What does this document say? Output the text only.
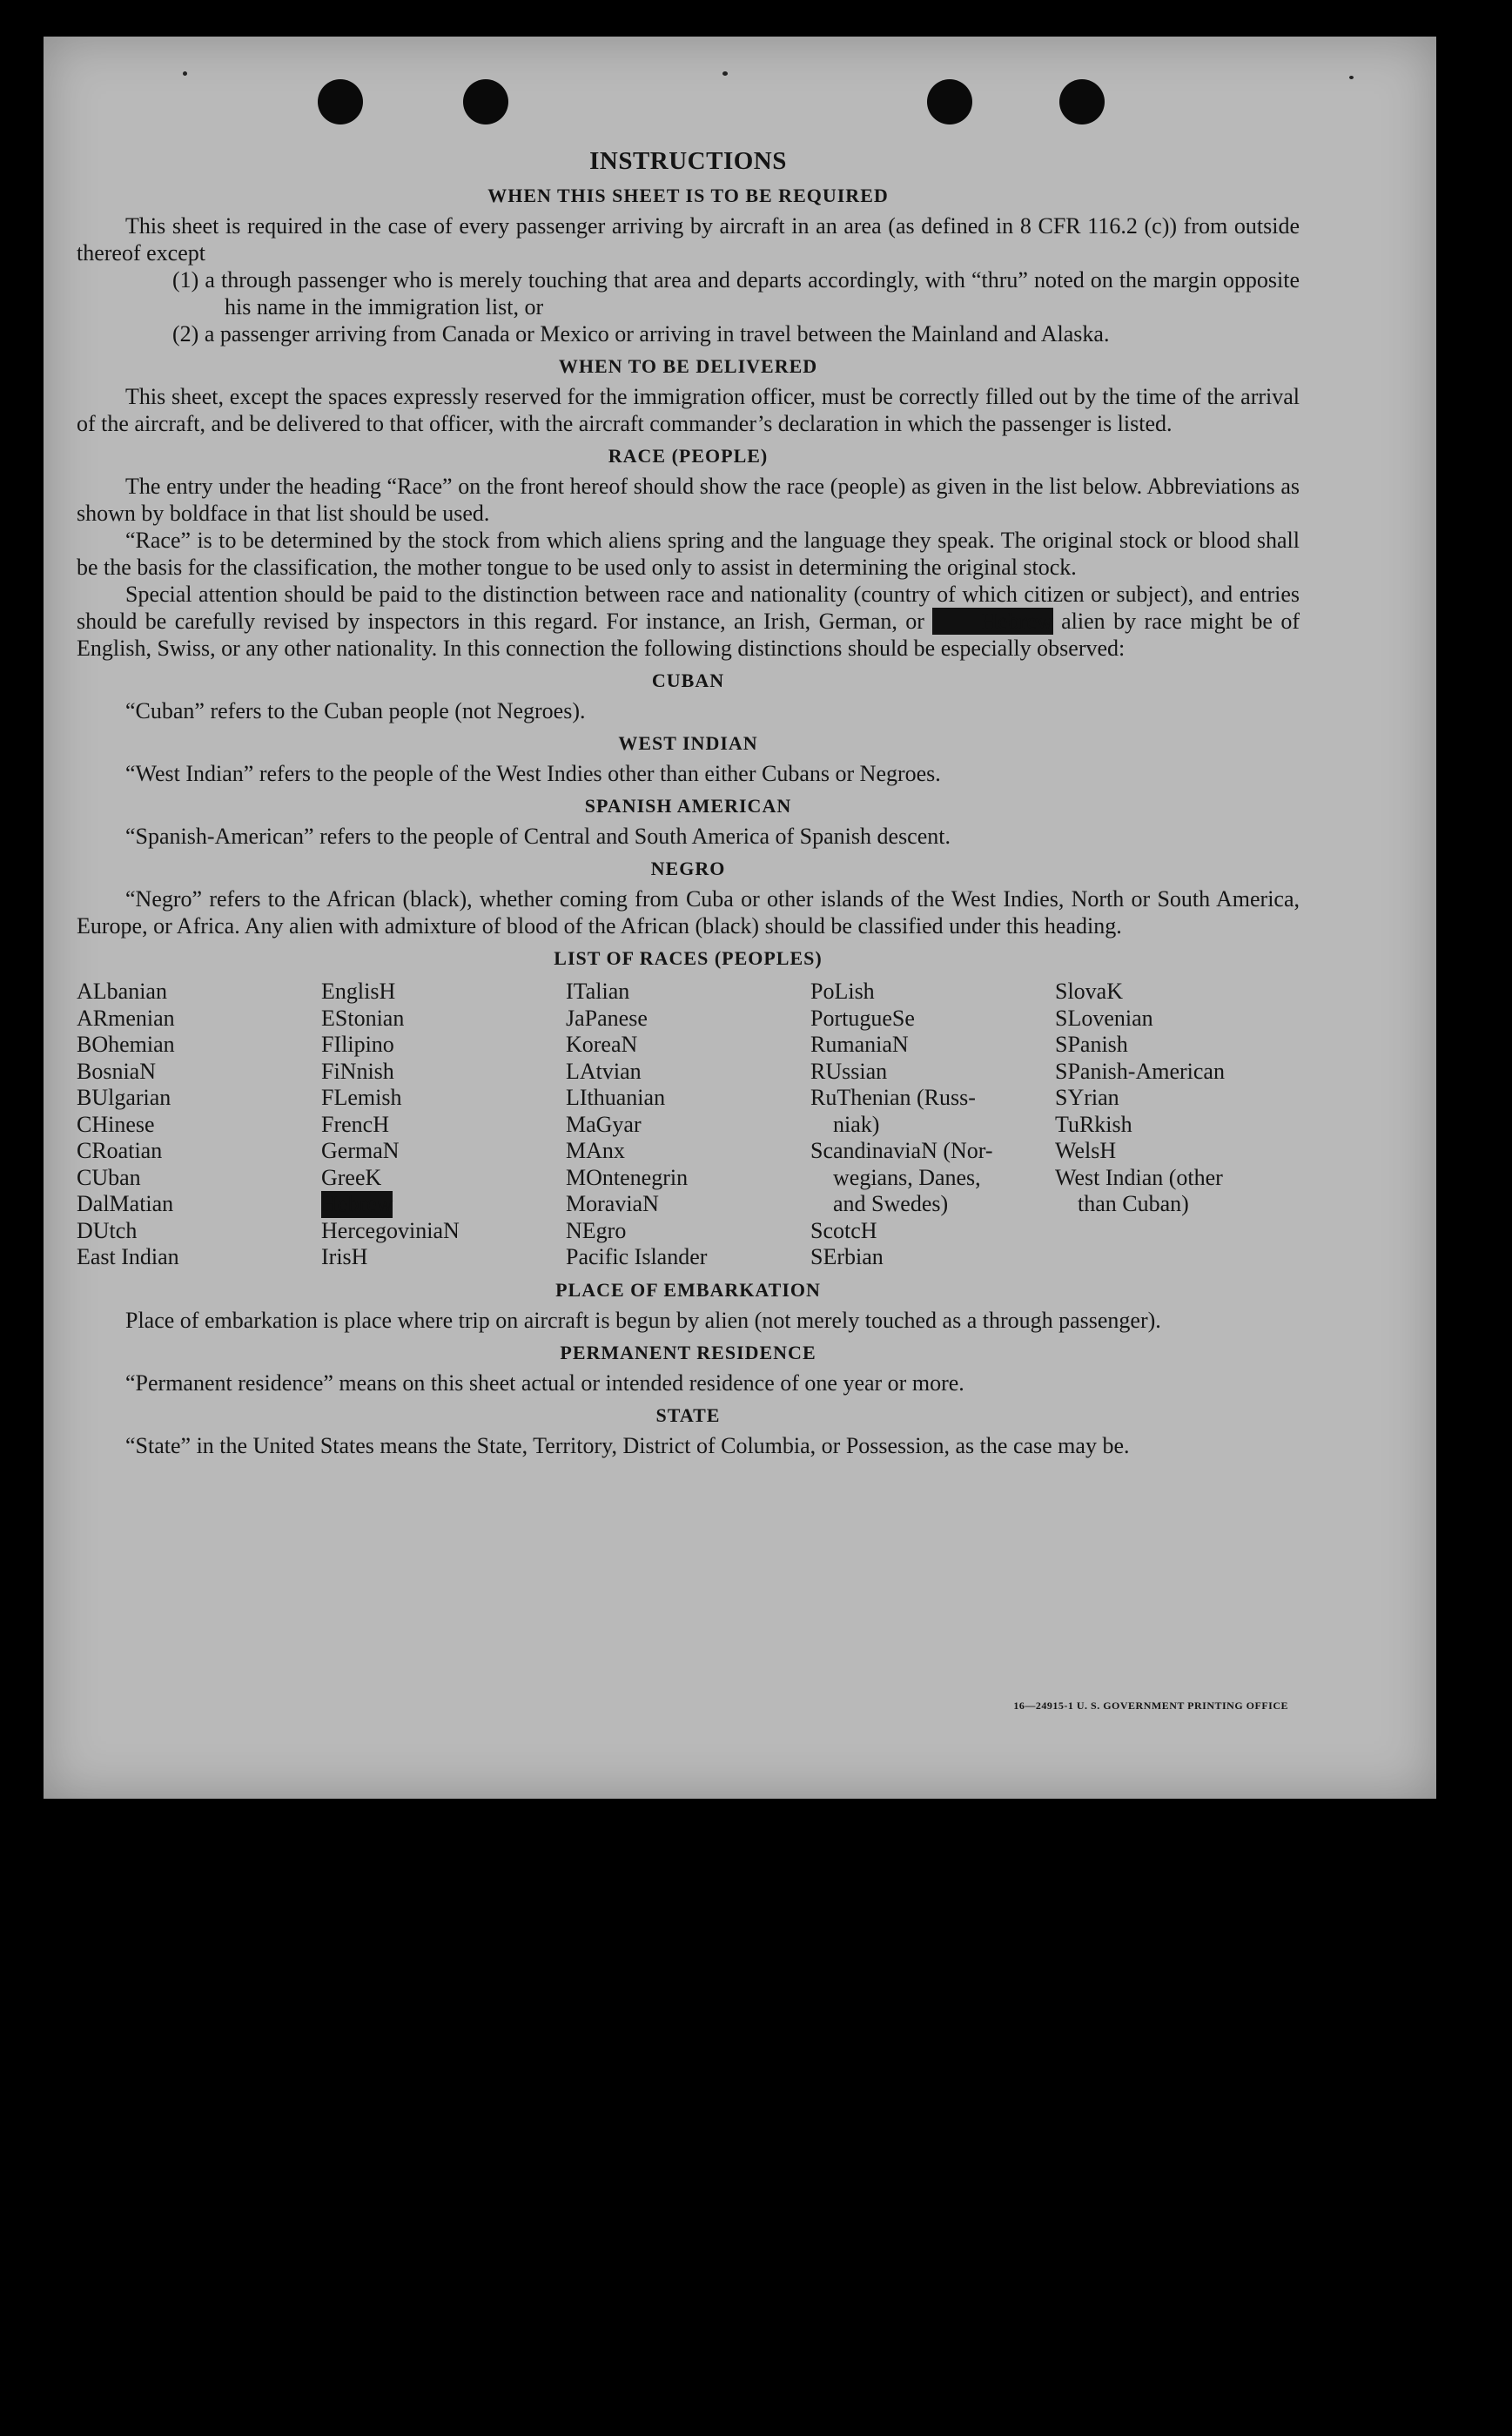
INSTRUCTIONS
WHEN THIS SHEET IS TO BE REQUIRED

This sheet is required in the case of every passenger arriving by aircraft in an area (as defined in 8 CFR 116.2 (c)) from outside thereof except

(1) a through passenger who is merely touching that area and departs accordingly, with “thru” noted on the margin opposite his name in the immigration list, or

(2) a passenger arriving from Canada or Mexico or arriving in travel between the Mainland and Alaska.

WHEN TO BE DELIVERED

This sheet, except the spaces expressly reserved for the immigration officer, must be correctly filled out by the time of the arrival of the aircraft, and be delivered to that officer, with the aircraft commander’s declaration in which the passenger is listed.

RACE (PEOPLE)

The entry under the heading “Race” on the front hereof should show the race (people) as given in the list below. Abbreviations as shown by boldface in that list should be used.

“Race” is to be determined by the stock from which aliens spring and the language they speak. The original stock or blood shall be the basis for the classification, the mother tongue to be used only to assist in determining the original stock.

Special attention should be paid to the distinction between race and nationality (country of which citizen or subject), and entries should be carefully revised by inspectors in this regard. For instance, an Irish, German, or	Hebrew alien by race might be of English, Swiss, or any other nationality. In this connection the following distinctions should be especially observed:

CUBAN

“Cuban” refers to the Cuban people (not Negroes).

WEST INDIAN

“West Indian” refers to the people of the West Indies other than either Cubans or Negroes.

SPANISH AMERICAN

“Spanish-American” refers to the people of Central and South America of Spanish descent.

NEGRO

“Negro” refers to the African (black), whether coming from Cuba or other islands of the West Indies, North or South America, Europe, or Africa. Any alien with admixture of blood of the African (black) should be classified under this heading.

LIST OF RACES (PEOPLES)
ALbanian
ARmenian
BOhemian
BosniaN
BUlgarian
CHinese
CRoatian
CUban
DalMatian
DUtch
East Indian
EnglisH
EStonian
FIlipino
FiNnish
FLemish
FrencH
GermaN
GreeK
Hebrew
HercegoviniaN
IrisH
ITalian
JaPanese
KoreaN
LAtvian
LIthuanian
MaGyar
MAnx
MOntenegrin
MoraviaN
NEgro
Pacific Islander
PoLish
PortugueSe
RumaniaN
RUssian
RuThenian (Russ-
niak)
ScandinaviaN (Nor-
wegians, Danes,
and Swedes)
ScotcH
SErbian
SlovaK
SLovenian
SPanish
SPanish-American
SYrian
TuRkish
WelsH
West Indian (other
than Cuban)
PLACE OF EMBARKATION

Place of embarkation is place where trip on aircraft is begun by alien (not merely touched as a through passenger).

PERMANENT RESIDENCE

“Permanent residence” means on this sheet actual or intended residence of one year or more.

STATE

“State” in the United States means the State, Territory, District of Columbia, or Possession, as the case may be.

16—24915-1 U. S. GOVERNMENT PRINTING OFFICE
